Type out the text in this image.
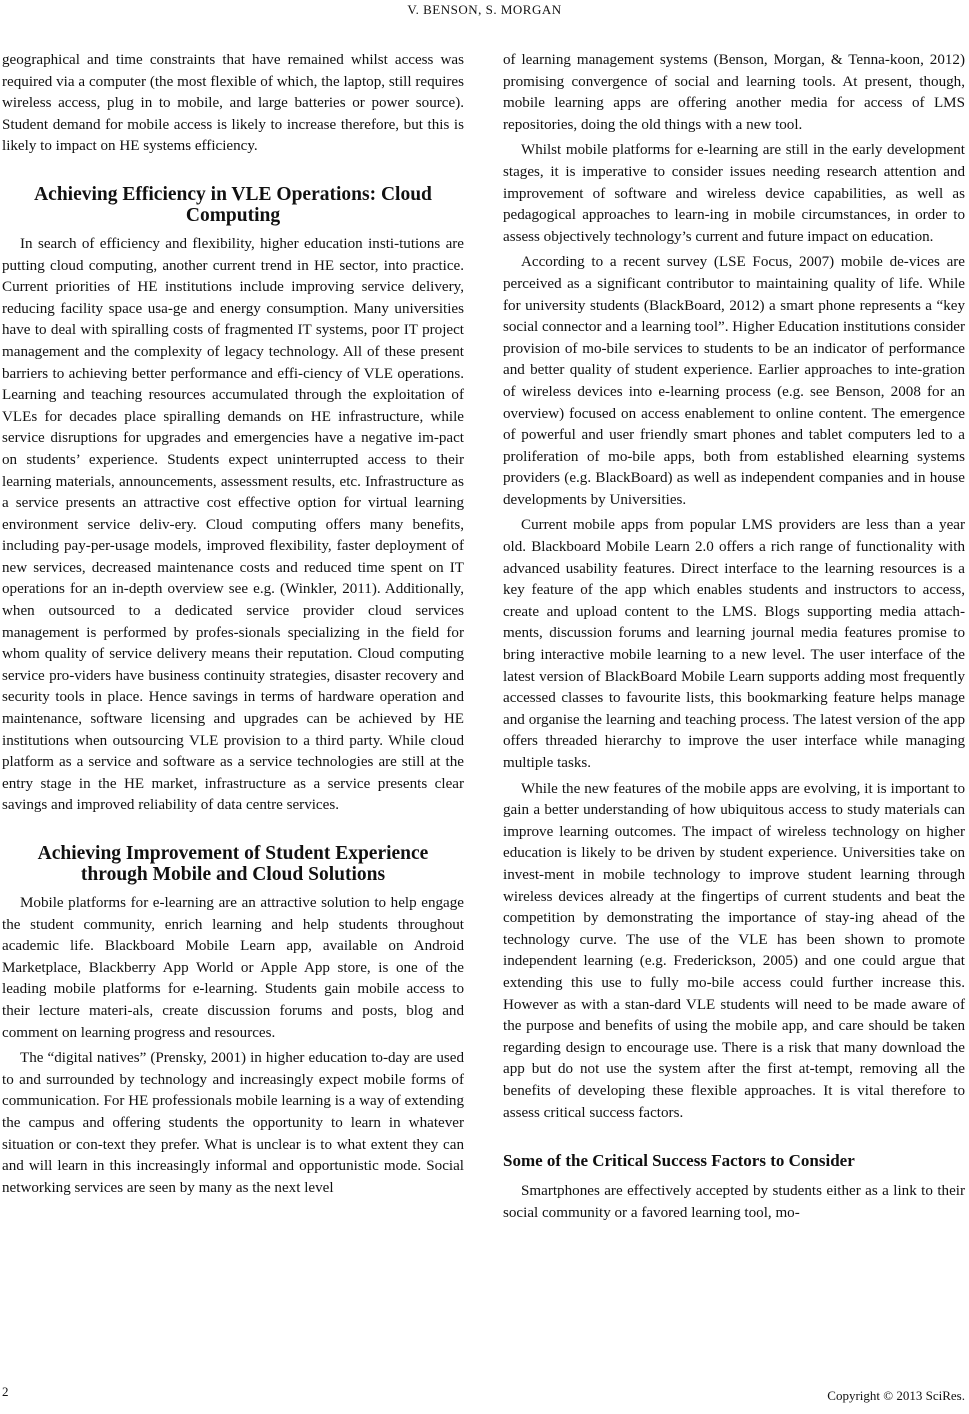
V. BENSON, S. MORGAN

geographical and time constraints that have remained whilst access was required via a computer (the most flexible of which, the laptop, still requires wireless access, plug in to mobile, and large batteries or power source). Student demand for mobile access is likely to increase therefore, but this is likely to impact on HE systems efficiency.

Achieving Efficiency in VLE Operations: Cloud Computing

In search of efficiency and flexibility, higher education insti-tutions are putting cloud computing, another current trend in HE sector, into practice. Current priorities of HE institutions include improving service delivery, reducing facility space usa-ge and energy consumption. Many universities have to deal with spiralling costs of fragmented IT systems, poor IT project management and the complexity of legacy technology. All of these present barriers to achieving better performance and effi-ciency of VLE operations. Learning and teaching resources accumulated through the exploitation of VLEs for decades place spiralling demands on HE infrastructure, while service disruptions for upgrades and emergencies have a negative im-pact on students’ experience. Students expect uninterrupted access to their learning materials, announcements, assessment results, etc. Infrastructure as a service presents an attractive cost effective option for virtual learning environment service deliv-ery. Cloud computing offers many benefits, including pay-per-usage models, improved flexibility, faster deployment of new services, decreased maintenance costs and reduced time spent on IT operations for an in-depth overview see e.g. (Winkler, 2011). Additionally, when outsourced to a dedicated service provider cloud services management is performed by profes-sionals specializing in the field for whom quality of service delivery means their reputation. Cloud computing service pro-viders have business continuity strategies, disaster recovery and security tools in place. Hence savings in terms of hardware operation and maintenance, software licensing and upgrades can be achieved by HE institutions when outsourcing VLE provision to a third party. While cloud platform as a service and software as a service technologies are still at the entry stage in the HE market, infrastructure as a service presents clear savings and improved reliability of data centre services.

Achieving Improvement of Student Experience through Mobile and Cloud Solutions

Mobile platforms for e-learning are an attractive solution to help engage the student community, enrich learning and help students throughout academic life. Blackboard Mobile Learn app, available on Android Marketplace, Blackberry App World or Apple App store, is one of the leading mobile platforms for e-learning. Students gain mobile access to their lecture materi-als, create discussion forums and posts, blog and comment on learning progress and resources.

The “digital natives” (Prensky, 2001) in higher education to-day are used to and surrounded by technology and increasingly expect mobile forms of communication. For HE professionals mobile learning is a way of extending the campus and offering students the opportunity to learn in whatever situation or con-text they prefer. What is unclear is to what extent they can and will learn in this increasingly informal and opportunistic mode. Social networking services are seen by many as the next level

of learning management systems (Benson, Morgan, & Tenna-koon, 2012) promising convergence of social and learning tools. At present, though, mobile learning apps are offering another media for access of LMS repositories, doing the old things with a new tool.

Whilst mobile platforms for e-learning are still in the early development stages, it is imperative to consider issues needing research attention and improvement of software and wireless device capabilities, as well as pedagogical approaches to learn-ing in mobile circumstances, in order to assess objectively technology’s current and future impact on education.

According to a recent survey (LSE Focus, 2007) mobile de-vices are perceived as a significant contributor to maintaining quality of life. While for university students (BlackBoard, 2012) a smart phone represents a “key social connector and a learning tool”. Higher Education institutions consider provision of mo-bile services to students to be an indicator of performance and better quality of student experience. Earlier approaches to inte-gration of wireless devices into e-learning process (e.g. see Benson, 2008 for an overview) focused on access enablement to online content. The emergence of powerful and user friendly smart phones and tablet computers led to a proliferation of mo-bile apps, both from established elearning systems providers (e.g. BlackBoard) as well as independent companies and in house developments by Universities.

Current mobile apps from popular LMS providers are less than a year old. Blackboard Mobile Learn 2.0 offers a rich range of functionality with advanced usability features. Direct interface to the learning resources is a key feature of the app which enables students and instructors to access, create and upload content to the LMS. Blogs supporting media attach-ments, discussion forums and learning journal media features promise to bring interactive mobile learning to a new level. The user interface of the latest version of BlackBoard Mobile Learn supports adding most frequently accessed classes to favourite lists, this bookmarking feature helps manage and organise the learning and teaching process. The latest version of the app offers threaded hierarchy to improve the user interface while managing multiple tasks.

While the new features of the mobile apps are evolving, it is important to gain a better understanding of how ubiquitous access to study materials can improve learning outcomes. The impact of wireless technology on higher education is likely to be driven by student experience. Universities take on invest-ment in mobile technology to improve student learning through wireless devices already at the fingertips of current students and beat the competition by demonstrating the importance of stay-ing ahead of the technology curve. The use of the VLE has been shown to promote independent learning (e.g. Frederickson, 2005) and one could argue that extending this use to fully mo-bile access could further increase this. However as with a stan-dard VLE students will need to be made aware of the purpose and benefits of using the mobile app, and care should be taken regarding design to encourage use. There is a risk that many download the app but do not use the system after the first at-tempt, removing all the benefits of developing these flexible approaches. It is vital therefore to assess critical success factors.

Some of the Critical Success Factors to Consider

Smartphones are effectively accepted by students either as a link to their social community or a favored learning tool, mo-

2	Copyright © 2013 SciRes.
